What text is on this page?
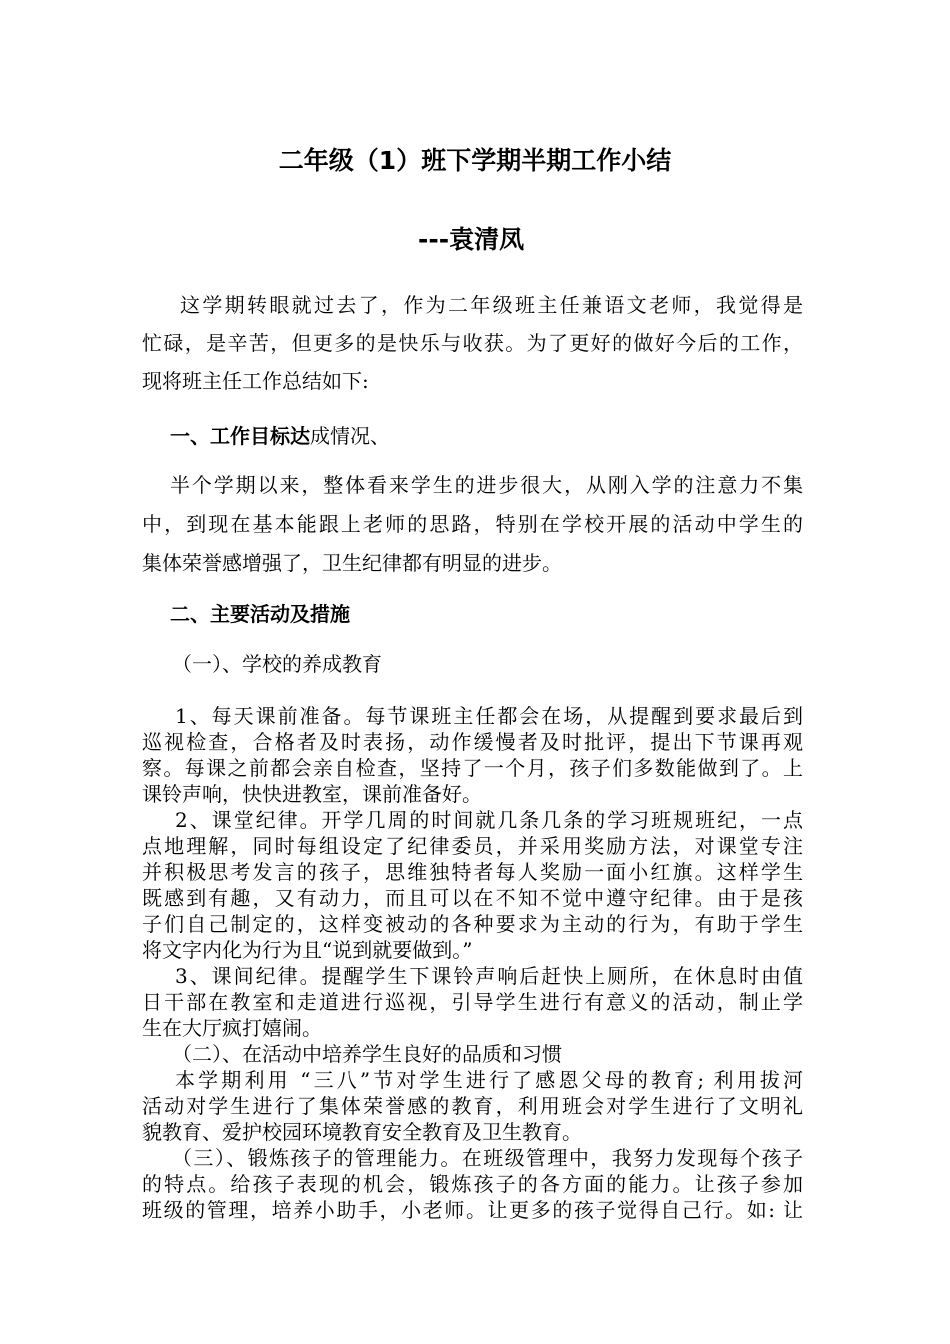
二年级（1）班下学期半期工作小结
---袁清凤
这学期转眼就过去了，作为二年级班主任兼语文老师，我觉得是
忙碌，是辛苦，但更多的是快乐与收获。为了更好的做好今后的工作，
现将班主任工作总结如下:
一、工作目标达成情况、
半个学期以来，整体看来学生的进步很大，从刚入学的注意力不集
中，到现在基本能跟上老师的思路，特别在学校开展的活动中学生的
集体荣誉感增强了，卫生纪律都有明显的进步。
二、主要活动及措施
（一）、学校的养成教育
1、每天课前准备。每节课班主任都会在场，从提醒到要求最后到
巡视检查，合格者及时表扬，动作缓慢者及时批评，提出下节课再观
察。每课之前都会亲自检查，坚持了一个月，孩子们多数能做到了。上
课铃声响，快快进教室，课前准备好。
2、课堂纪律。开学几周的时间就几条几条的学习班规班纪，一点
点地理解，同时每组设定了纪律委员，并采用奖励方法，对课堂专注
并积极思考发言的孩子，思维独特者每人奖励一面小红旗。这样学生
既感到有趣，又有动力，而且可以在不知不觉中遵守纪律。由于是孩
子们自己制定的，这样变被动的各种要求为主动的行为，有助于学生
将文字内化为行为且“说到就要做到。”
3、课间纪律。提醒学生下课铃声响后赶快上厕所，在休息时由值
日干部在教室和走道进行巡视，引导学生进行有意义的活动，制止学
生在大厅疯打嬉闹。
（二）、在活动中培养学生良好的品质和习惯
本学期利用 “三八”节对学生进行了感恩父母的教育; 利用拔河
活动对学生进行了集体荣誉感的教育，利用班会对学生进行了文明礼
貌教育、爱护校园环境教育安全教育及卫生教育。
（三）、锻炼孩子的管理能力。在班级管理中，我努力发现每个孩子
的特点。给孩子表现的机会，锻炼孩子的各方面的能力。让孩子参加
班级的管理，培养小助手，小老师。让更多的孩子觉得自己行。如: 让
